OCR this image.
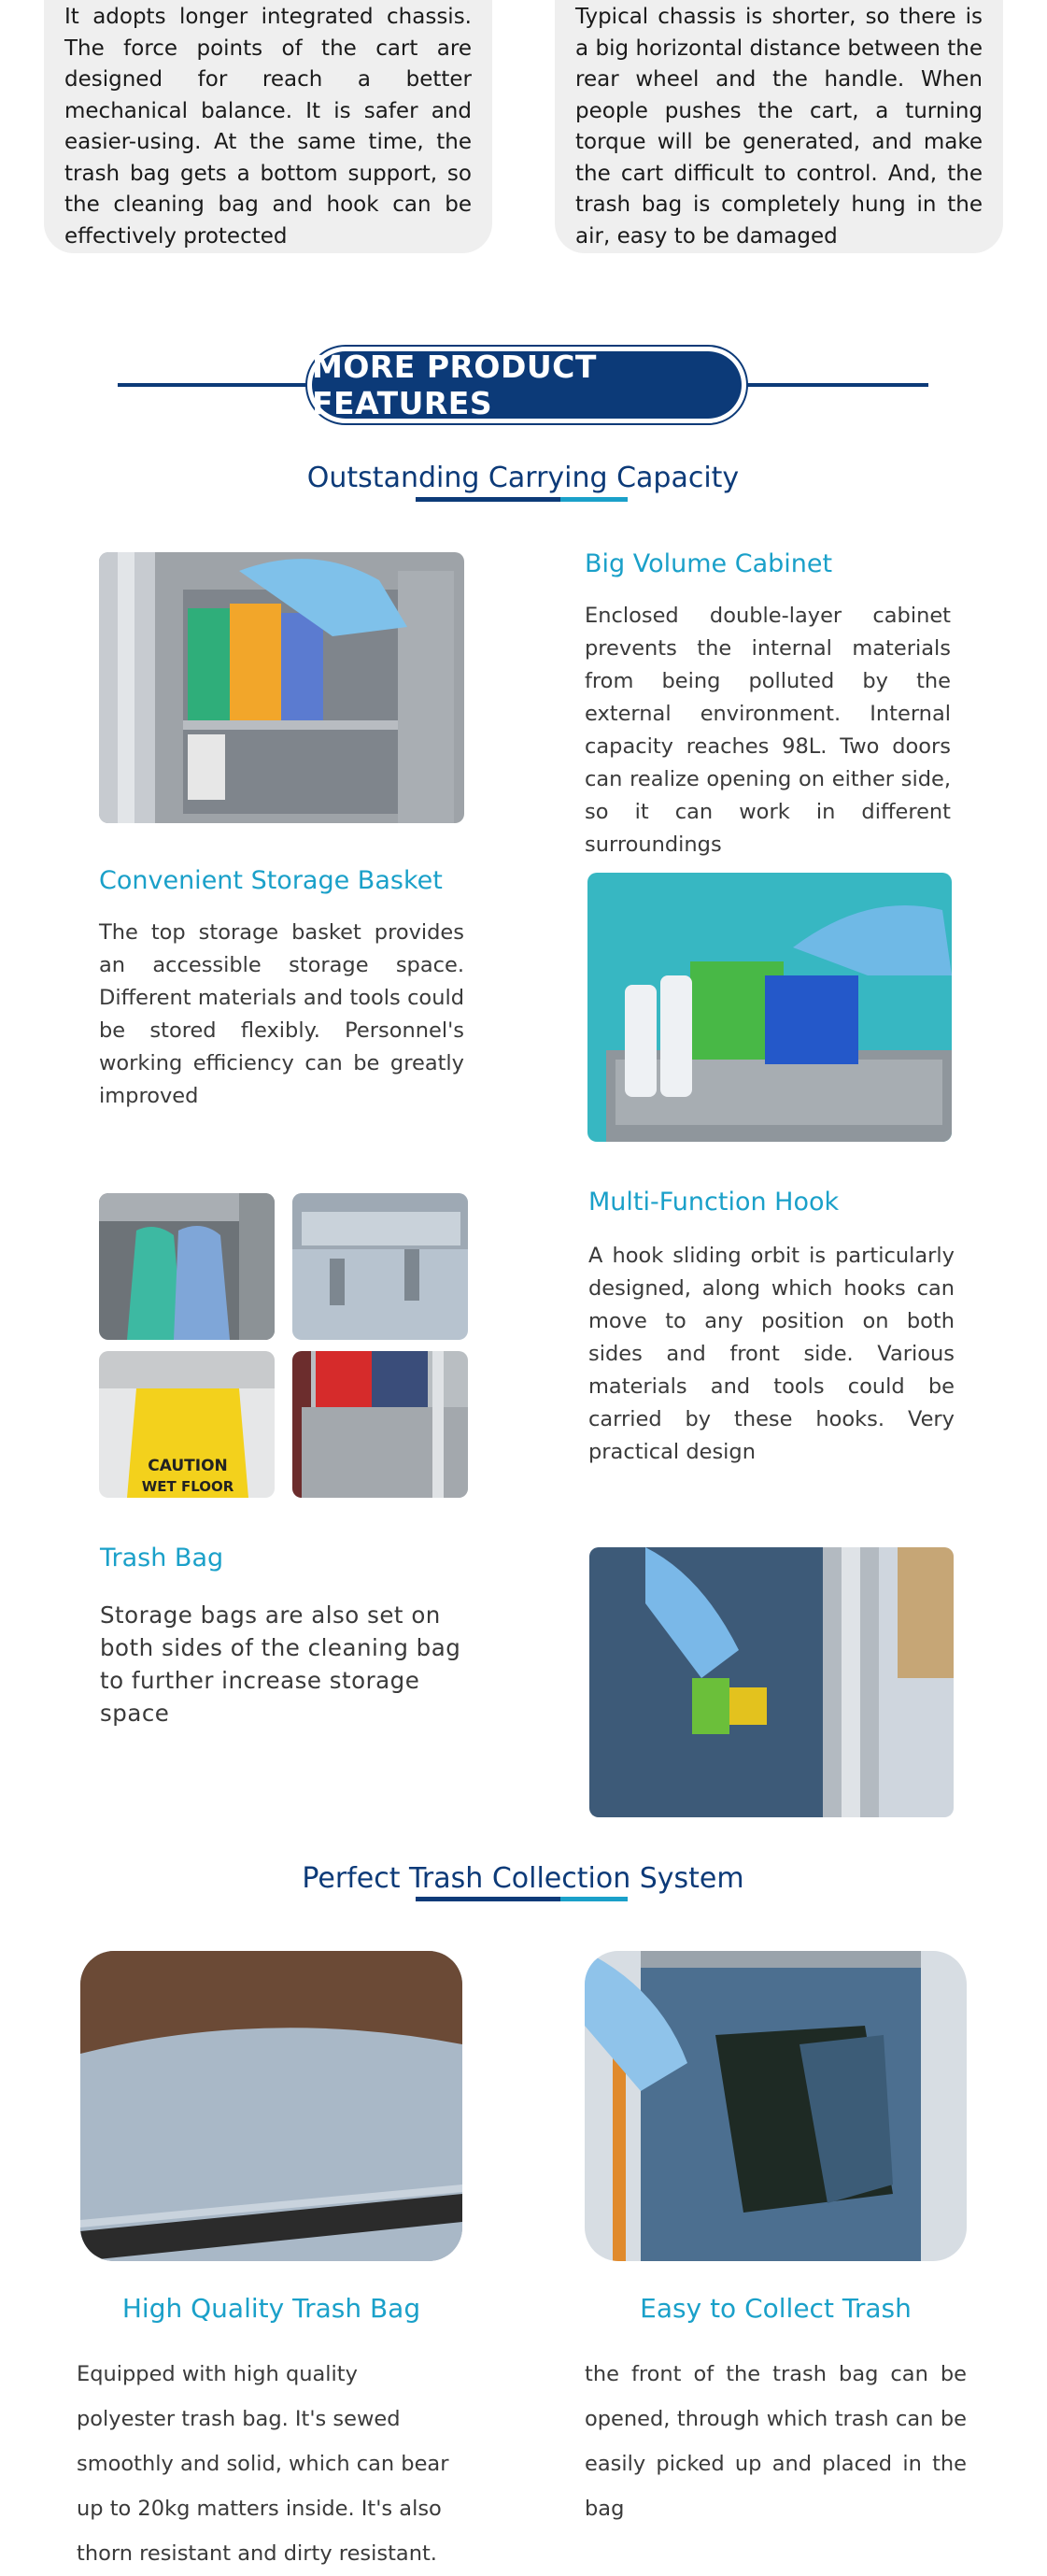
It adopts longer integrated chassis. The force points of the cart are designed for reach a better mechanical balance. It is safer and easier-using. At the same time, the trash bag gets a bottom support, so the cleaning bag and hook can be effectively protected
Typical chassis is shorter, so there is a big horizontal distance between the rear wheel and the handle. When people pushes the cart, a turning torque will be generated, and make the cart difficult to control. And, the trash bag is completely hung in the air, easy to be damaged
MORE PRODUCT FEATURES
Outstanding Carrying Capacity
Big Volume Cabinet
Enclosed double-layer cabinet prevents the internal materials from being polluted by the external environment. Internal capacity reaches 98L. Two doors can realize opening on either side, so it can work in different surroundings
Convenient Storage Basket
The top storage basket provides an accessible storage space. Different materials and tools could be stored flexibly. Personnel's working efficiency can be greatly improved
CAUTION
WET FLOOR
Multi-Function Hook
A hook sliding orbit is particularly designed, along which hooks can move to any position on both sides and front side. Various materials and tools could be carried by these hooks. Very practical design
Trash Bag
Storage bags are also set on both sides of the cleaning bag to further increase storage space
Perfect Trash Collection System
High Quality Trash Bag	Easy to Collect Trash
Equipped with high quality polyester trash bag. It's sewed smoothly and solid, which can bear up to 20kg matters inside. It's also thorn resistant and dirty resistant.
the front of the trash bag can be opened, through which trash can be easily picked up and placed in the bag
